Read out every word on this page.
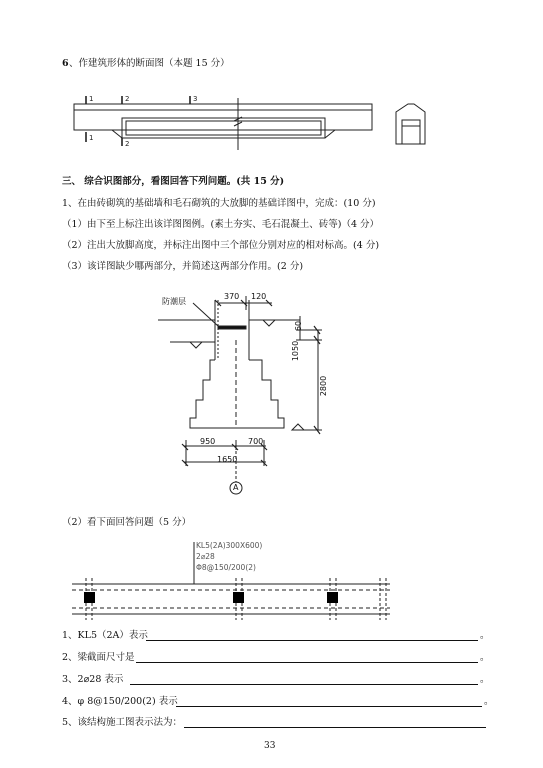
6 、作建筑形体的断面图（本题 15 分）
1	2	3
1
2
三、 综合识图部分，看图回答下列问题。(共 15 分)
1、在由砖砌筑的基础墙和毛石砌筑的大放脚的基础详图中，完成：(10 分)
（1）由下至上标注出该详图图例。(素土夯实、毛石混凝土、砖等)（4 分）
（2）注出大放脚高度，并标注出图中三个部位分别对应的相对标高。(4 分)
（3）该详图缺少哪两部分，并简述这两部分作用。(2 分)
防潮层
370 120
60
1050
2800
950	700
1650
A
（2）看下面回答问题（5 分）
KL5(2A)300X600)
2⌀28
Φ8@150/200(2)
1、KL5（2A）表示	。
2、梁截面尺寸是	。
3、2⌀28 表示	。
4、φ 8@150/200(2) 表示	。
5、该结构施工图表示法为：
33
